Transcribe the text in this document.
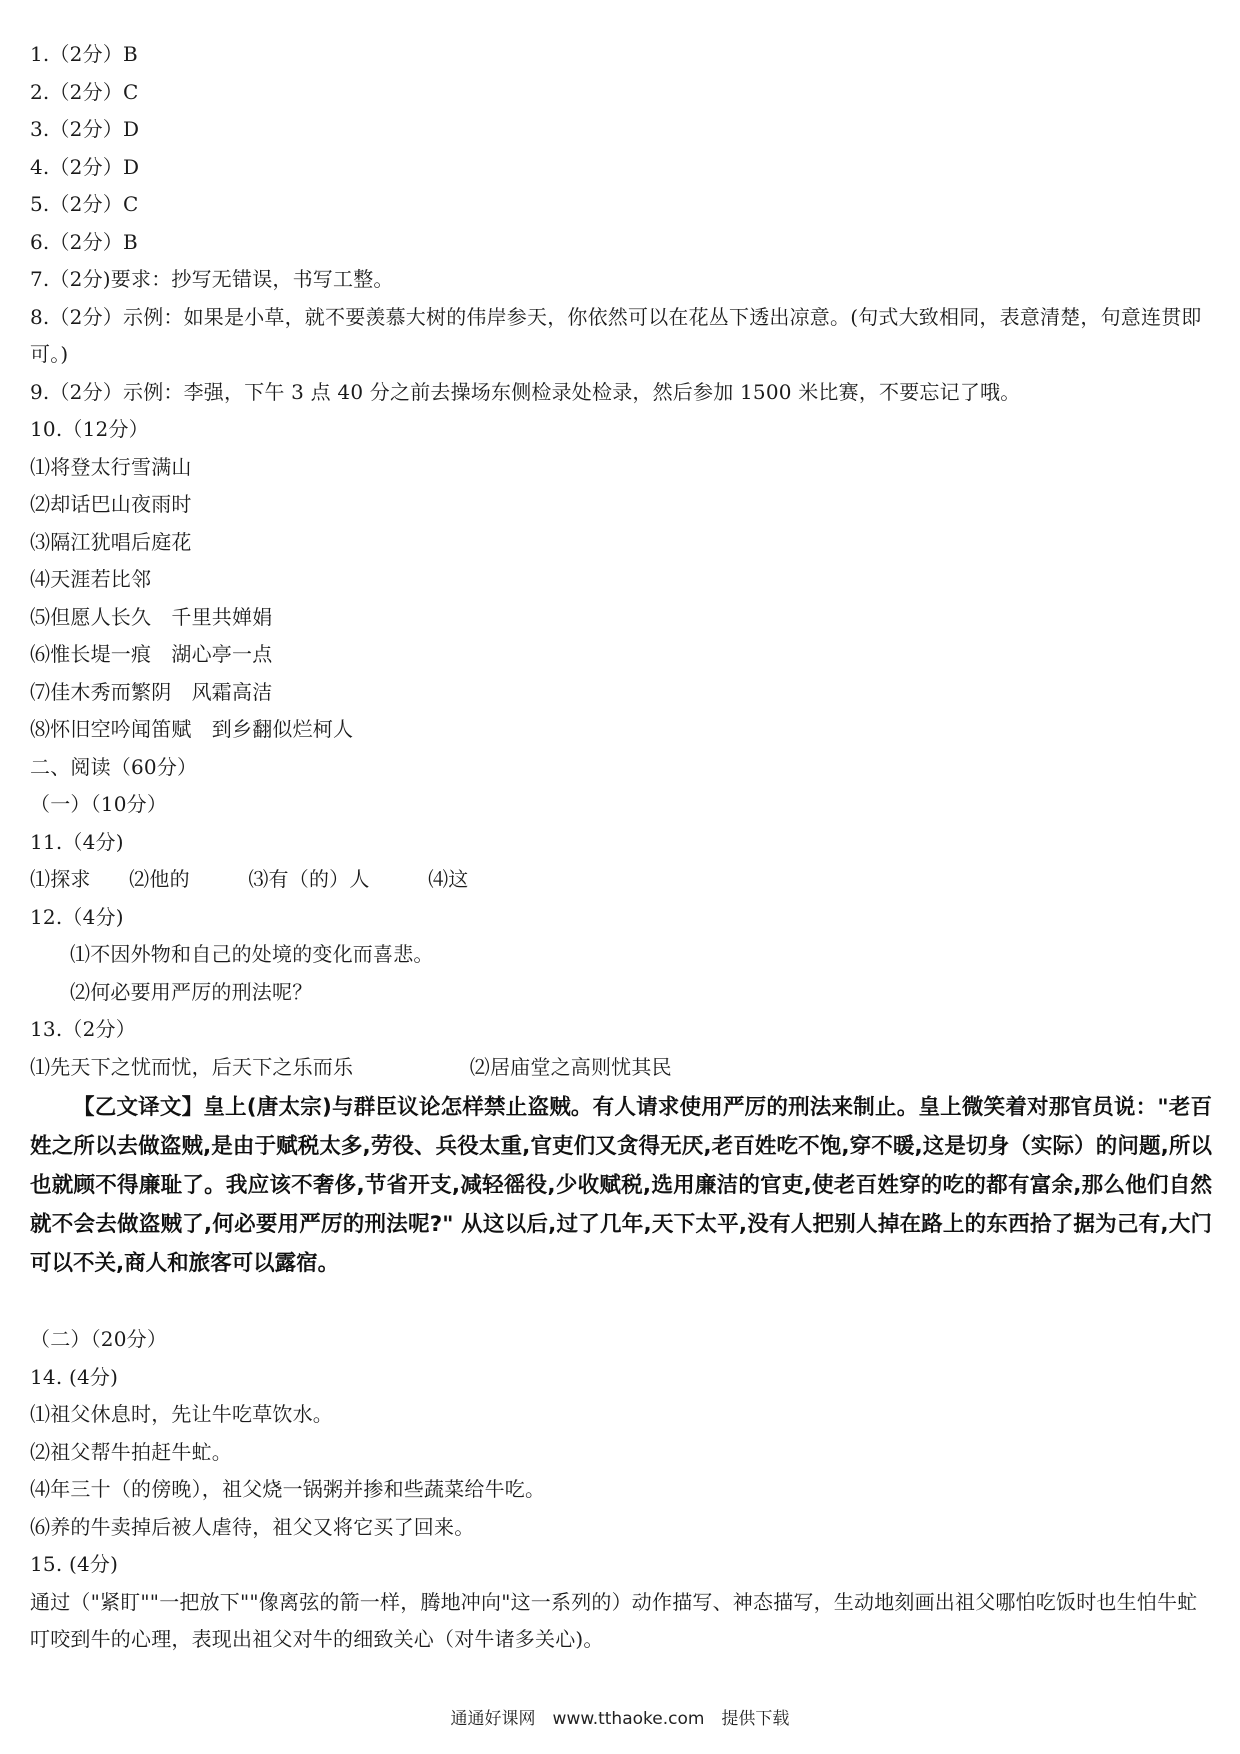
1.（2分）B
2.（2分）C
3.（2分）D
4.（2分）D
5.（2分）C
6.（2分）B
7.（2分)要求：抄写无错误，书写工整。
8.（2分）示例：如果是小草，就不要羡慕大树的伟岸参天，你依然可以在花丛下透出凉意。(句式大致相同，表意清楚，句意连贯即可。)
9.（2分）示例：李强，下午 3 点 40 分之前去操场东侧检录处检录，然后参加 1500 米比赛，不要忘记了哦。
10.（12分）
⑴将登太行雪满山
⑵却话巴山夜雨时
⑶隔江犹唱后庭花
⑷天涯若比邻
⑸但愿人长久　千里共婵娟
⑹惟长堤一痕　湖心亭一点
⑺佳木秀而繁阴　风霜高洁
⑻怀旧空吟闻笛赋　到乡翻似烂柯人
二、阅读（60分）
（一）（10分）
11.（4分)
⑴探求 ⑵他的	⑶有（的）人	⑷这
12.（4分)
⑴不因外物和自己的处境的变化而喜悲。
⑵何必要用严厉的刑法呢？
13.（2分）
⑴先天下之忧而忧，后天下之乐而乐	⑵居庙堂之高则忧其民
【乙文译文】皇上(唐太宗)与群臣议论怎样禁止盗贼。有人请求使用严厉的刑法来制止。皇上微笑着对那官员说："老百姓之所以去做盗贼,是由于赋税太多,劳役、兵役太重,官吏们又贪得无厌,老百姓吃不饱,穿不暖,这是切身（实际）的问题,所以也就顾不得廉耻了。我应该不奢侈,节省开支,减轻徭役,少收赋税,选用廉洁的官吏,使老百姓穿的吃的都有富余,那么他们自然就不会去做盗贼了,何必要用严厉的刑法呢?" 从这以后,过了几年,天下太平,没有人把别人掉在路上的东西拾了据为己有,大门可以不关,商人和旅客可以露宿。
（二）（20分）
14. (4分)
⑴祖父休息时，先让牛吃草饮水。
⑵祖父帮牛拍赶牛虻。
⑷年三十（的傍晚），祖父烧一锅粥并掺和些蔬菜给牛吃。
⑹养的牛卖掉后被人虐待，祖父又将它买了回来。
15. (4分)
通过（"紧盯""一把放下""像离弦的箭一样，腾地冲向"这一系列的）动作描写、神态描写，生动地刻画出祖父哪怕吃饭时也生怕牛虻叮咬到牛的心理，表现出祖父对牛的细致关心（对牛诸多关心)。
通通好课网　www.tthaoke.com　提供下载
